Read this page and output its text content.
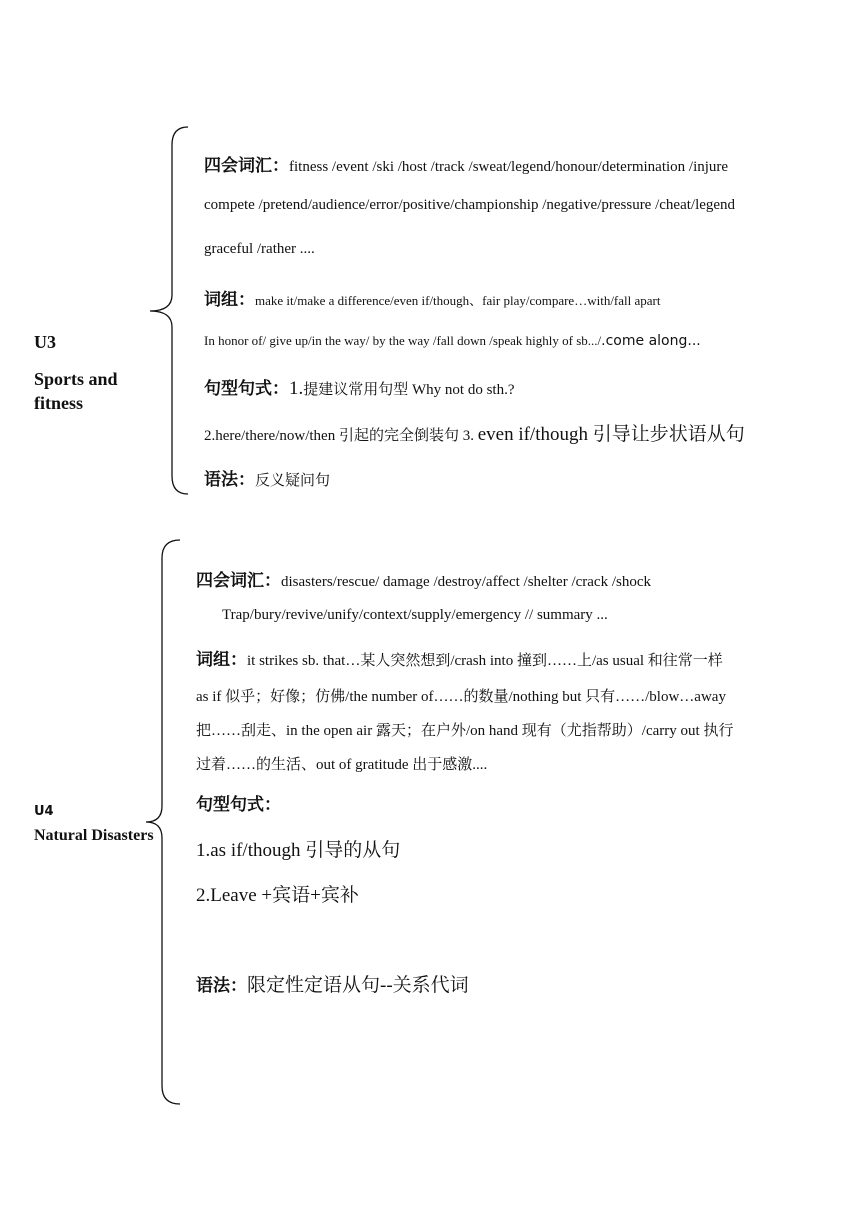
U3
Sports and fitness
U4
Natural Disasters
四会词汇：fitness /event /ski /host /track /sweat/legend/honour/determination /injure
compete /pretend/audience/error/positive/championship /negative/pressure /cheat/legend
graceful /rather ....
词组：make it/make a difference/even if/though、fair play/compare…with/fall apart
In honor of/ give up/in the way/ by the way /fall down /speak highly of sb.../.come along...
句型句式：1.提建议常用句型 Why not do sth.?
2.here/there/now/then 引起的完全倒装句 3. even if/though 引导让步状语从句
语法：反义疑问句
四会词汇：disasters/rescue/ damage /destroy/affect /shelter /crack /shock
Trap/bury/revive/unify/context/supply/emergency // summary ...
词组：it strikes sb. that…某人突然想到/crash into 撞到……上/as usual 和往常一样
as if 似乎；好像；仿佛/the number of……的数量/nothing but 只有……/blow…away
把……刮走、in the open air 露天；在户外/on hand 现有（尤指帮助）/carry out 执行
过着……的生活、out of gratitude 出于感激....
句型句式：
1.as if/though 引导的从句
2.Leave +宾语+宾补
语法：限定性定语从句--关系代词
